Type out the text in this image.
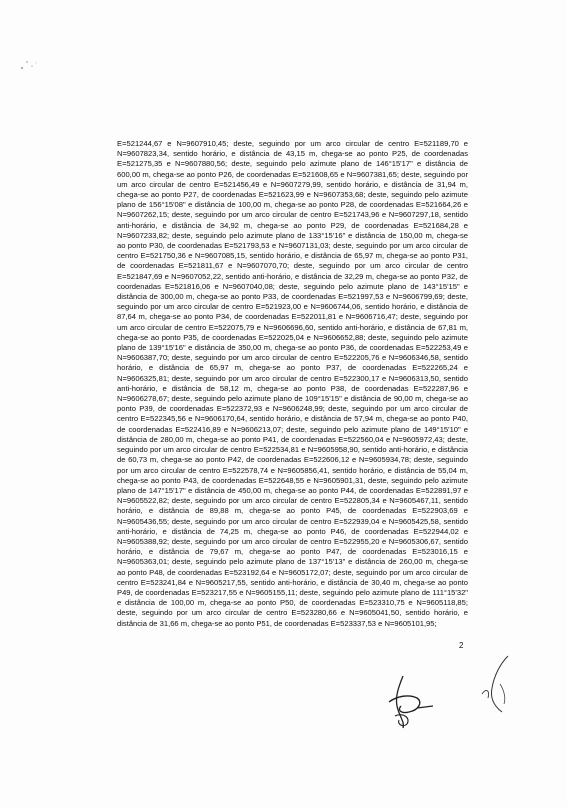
E=521244,67 e N=9607910,45; deste, seguindo por um arco circular de centro E=521189,70 e N=9607823,34, sentido horário, e distância de 43,15 m, chega-se ao ponto P25, de coordenadas E=521275,35 e N=9607880,56; deste, seguindo pelo azimute plano de 146°15'17" e distância de 600,00 m, chega-se ao ponto P26, de coordenadas E=521608,65 e N=9607381,65; deste, seguindo por um arco circular de centro E=521456,49 e N=9607279,99, sentido horário, e distância de 31,94 m, chega-se ao ponto P27, de coordenadas E=521623,99 e N=9607353,68; deste, seguindo pelo azimute plano de 156°15'08" e distância de 100,00 m, chega-se ao ponto P28, de coordenadas E=521664,26 e N=9607262,15; deste, seguindo por um arco circular de centro E=521743,96 e N=9607297,18, sentido anti-horário, e distância de 34,92 m, chega-se ao ponto P29, de coordenadas E=521684,28 e N=9607233,82; deste, seguindo pelo azimute plano de 133°15'16" e distância de 150,00 m, chega-se ao ponto P30, de coordenadas E=521793,53 e N=9607131,03; deste, seguindo por um arco circular de centro E=521750,36 e N=9607085,15, sentido horário, e distância de 65,97 m, chega-se ao ponto P31, de coordenadas E=521811,67 e N=9607070,70; deste, seguindo por um arco circular de centro E=521847,69 e N=9607052,22, sentido anti-horário, e distância de 32,29 m, chega-se ao ponto P32, de coordenadas E=521816,06 e N=9607040,08; deste, seguindo pelo azimute plano de 143°15'15" e distância de 300,00 m, chega-se ao ponto P33, de coordenadas E=521997,53 e N=9606799,69; deste, seguindo por um arco circular de centro E=521923,00 e N=9606744,06, sentido horário, e distância de 87,64 m, chega-se ao ponto P34, de coordenadas E=522011,81 e N=9606716,47; deste, seguindo por um arco circular de centro E=522075,79 e N=9606696,60, sentido anti-horário, e distância de 67,81 m, chega-se ao ponto P35, de coordenadas E=522025,04 e N=9606652,88; deste, seguindo pelo azimute plano de 139°15'16" e distância de 350,00 m, chega-se ao ponto P36, de coordenadas E=522253,49 e N=9606387,70; deste, seguindo por um arco circular de centro E=522205,76 e N=9606346,58, sentido horário, e distância de 65,97 m, chega-se ao ponto P37, de coordenadas E=522265,24 e N=9606325,81; deste, seguindo por um arco circular de centro E=522300,17 e N=9606313,50, sentido anti-horário, e distância de 58,12 m, chega-se ao ponto P38, de coordenadas E=522287,96 e N=9606278,67; deste, seguindo pelo azimute plano de 109°15'15" e distância de 90,00 m, chega-se ao ponto P39, de coordenadas E=522372,93 e N=9606248,99; deste, seguindo por um arco circular de centro E=522345,56 e N=9606170,64, sentido horário, e distância de 57,94 m, chega-se ao ponto P40, de coordenadas E=522416,89 e N=9606213,07; deste, seguindo pelo azimute plano de 149°15'10" e distância de 280,00 m, chega-se ao ponto P41, de coordenadas E=522560,04 e N=9605972,43; deste, seguindo por um arco circular de centro E=522534,81 e N=9605958,90, sentido anti-horário, e distância de 60,73 m, chega-se ao ponto P42, de coordenadas E=522606,12 e N=9605934,78; deste, seguindo por um arco circular de centro E=522578,74 e N=9605856,41, sentido horário, e distância de 55,04 m, chega-se ao ponto P43, de coordenadas E=522648,55 e N=9605901,31, deste, seguindo pelo azimute plano de 147°15'17" e distância de 450,00 m, chega-se ao ponto P44, de coordenadas E=522891,97 e N=9605522,82; deste, seguindo por um arco circular de centro E=522805,34 e N=9605467,11, sentido horário, e distância de 89,88 m, chega-se ao ponto P45, de coordenadas E=522903,69 e N=9605436,55; deste, seguindo por um arco circular de centro E=522939,04 e N=9605425,58, sentido anti-horário, e distância de 74,25 m, chega-se ao ponto P46, de coordenadas E=522944,02 e N=9605388,92; deste, seguindo por um arco circular de centro E=522955,20 e N=9605306,67, sentido horário, e distância de 79,67 m, chega-se ao ponto P47, de coordenadas E=523016,15 e N=9605363,01; deste, seguindo pelo azimute plano de 137°15'13" e distância de 260,00 m, chega-se ao ponto P48, de coordenadas E=523192,64 e N=9605172,07; deste, seguindo por um arco circular de centro E=523241,84 e N=9605217,55, sentido anti-horário, e distância de 30,40 m, chega-se ao ponto P49, de coordenadas E=523217,55 e N=9605155,11; deste, seguindo pelo azimute plano de 111°15'32" e distância de 100,00 m, chega-se ao ponto P50, de coordenadas E=523310,75 e N=9605118,85; deste, seguindo por um arco circular de centro E=523280,66 e N=9605041,50, sentido horário, e distância de 31,66 m, chega-se ao ponto P51, de coordenadas E=523337,53 e N=9605101,95;

2
